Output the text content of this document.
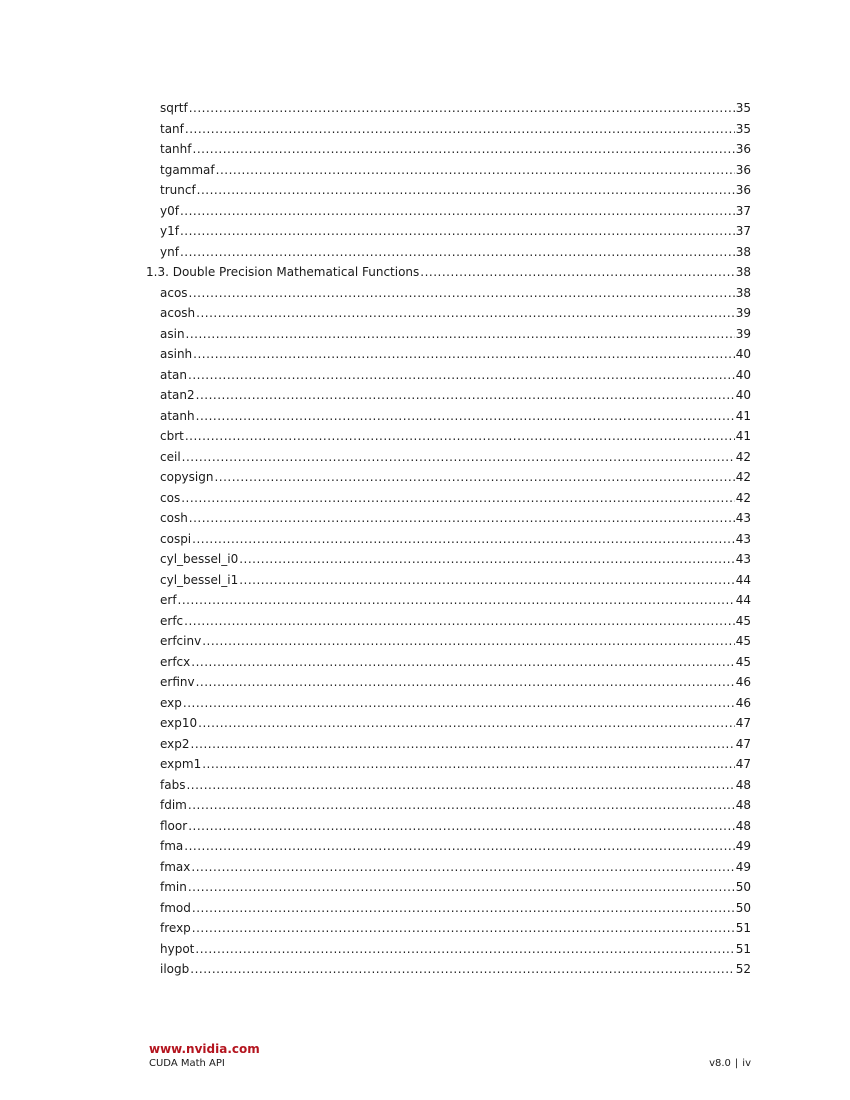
sqrtf .....	35
tanf .....	35
tanhf .....	36
tgammaf .....	36
truncf .....	36
y0f .....	37
y1f .....	37
ynf .....	38
1.3. Double Precision Mathematical Functions .....	38
acos .....	38
acosh .....	39
asin .....	39
asinh .....	40
atan .....	40
atan2 .....	40
atanh .....	41
cbrt .....	41
ceil .....	42
copysign .....	42
cos .....	42
cosh .....	43
cospi .....	43
cyl_bessel_i0 .....	43
cyl_bessel_i1 .....	44
erf .....	44
erfc .....	45
erfcinv .....	45
erfcx .....	45
erfinv .....	46
exp .....	46
exp10 .....	47
exp2 .....	47
expm1 .....	47
fabs .....	48
fdim .....	48
floor .....	48
fma .....	49
fmax .....	49
fmin .....	50
fmod .....	50
frexp .....	51
hypot .....	51
ilogb .....	52
www.nvidia.com
CUDA Math API	v8.0 | iv
